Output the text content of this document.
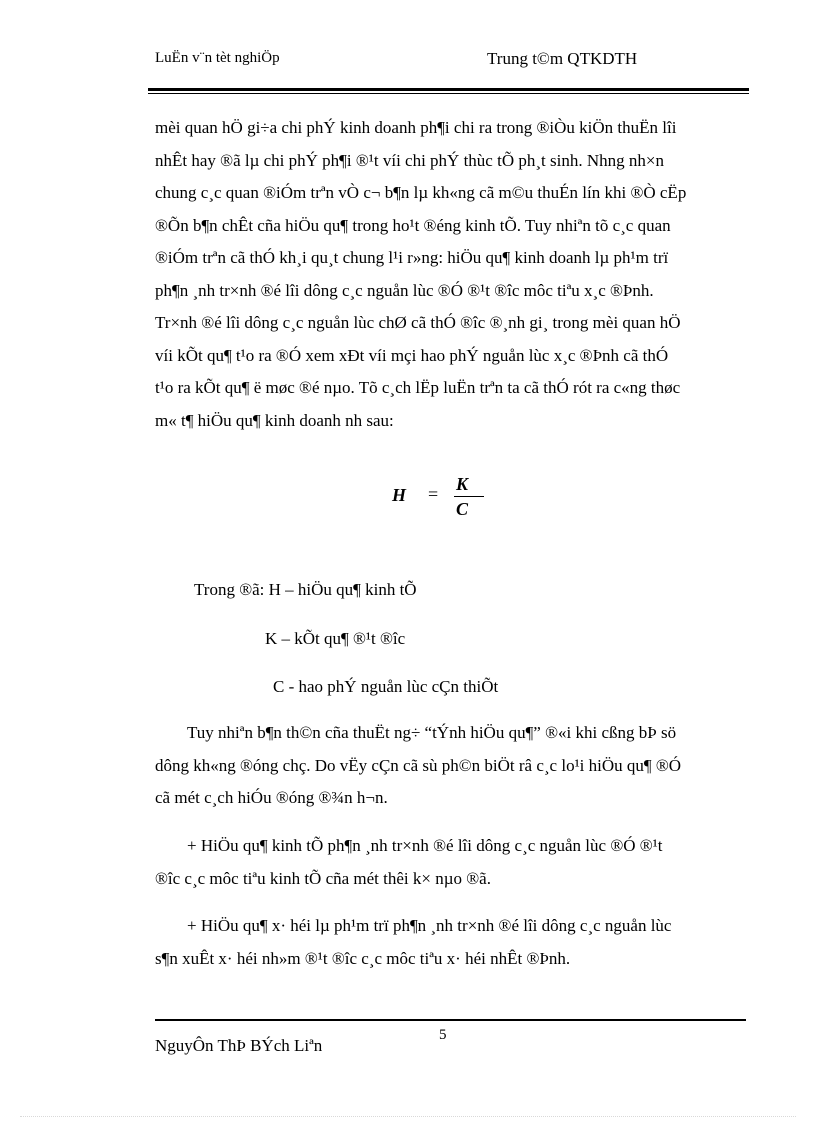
LuËn v¨n tèt nghiÖp	Trung t©m QTKDTH

mèi quan hÖ gi÷a chi phÝ kinh doanh ph¶i chi ra trong ®iÒu kiÖn thuËn lîi

nhÊt hay ®ã lµ chi phÝ ph¶i ®¹t víi chi phÝ thùc tÕ ph¸t sinh. Nhng nh×n

chung c¸c quan ®iÓm trªn vÒ c¬ b¶n lµ kh«ng cã m©u thuÉn lín khi ®Ò cËp

®Õn b¶n chÊt cña hiÖu qu¶ trong ho¹t ®éng kinh tÕ. Tuy nhiªn tõ c¸c quan

®iÓm trªn cã thÓ kh¸i qu¸t chung l¹i r»ng: hiÖu qu¶ kinh doanh lµ ph¹m trï

ph¶n ¸nh tr×nh ®é lîi dông c¸c nguån lùc ®Ó ®¹t ®îc môc tiªu x¸c ®Þnh.

Tr×nh ®é lîi dông c¸c nguån lùc chØ cã thÓ ®îc ®¸nh gi¸ trong mèi quan hÖ

víi kÕt qu¶ t¹o ra ®Ó xem xÐt víi mçi hao phÝ nguån lùc x¸c ®Þnh cã thÓ

t¹o ra kÕt qu¶ ë møc ®é nµo. Tõ c¸ch lËp luËn trªn ta cã thÓ rót ra c«ng thøc

m« t¶ hiÖu qu¶ kinh doanh nh sau:

H = K
C
Trong ®ã: H – hiÖu qu¶ kinh tÕ
K – kÕt qu¶ ®¹t ®îc
C - hao phÝ nguån lùc cÇn thiÕt

Tuy nhiªn b¶n th©n cña thuËt ng÷ “tÝnh hiÖu qu¶” ®«i khi cßng bÞ sö

dông kh«ng ®óng chç. Do vËy cÇn cã sù ph©n biÖt râ c¸c lo¹i hiÖu qu¶ ®Ó

cã mét c¸ch hiÓu ®óng ®¾n h¬n.

+ HiÖu qu¶ kinh tÕ ph¶n ¸nh tr×nh ®é lîi dông c¸c nguån lùc ®Ó ®¹t

®îc c¸c môc tiªu kinh tÕ cña mét thêi k× nµo ®ã.

+ HiÖu qu¶ x· héi lµ ph¹m trï ph¶n ¸nh tr×nh ®é lîi dông c¸c nguån lùc

s¶n xuÊt x· héi nh»m ®¹t ®îc c¸c môc tiªu x· héi nhÊt ®Þnh.

5
NguyÔn ThÞ BÝch Liªn
